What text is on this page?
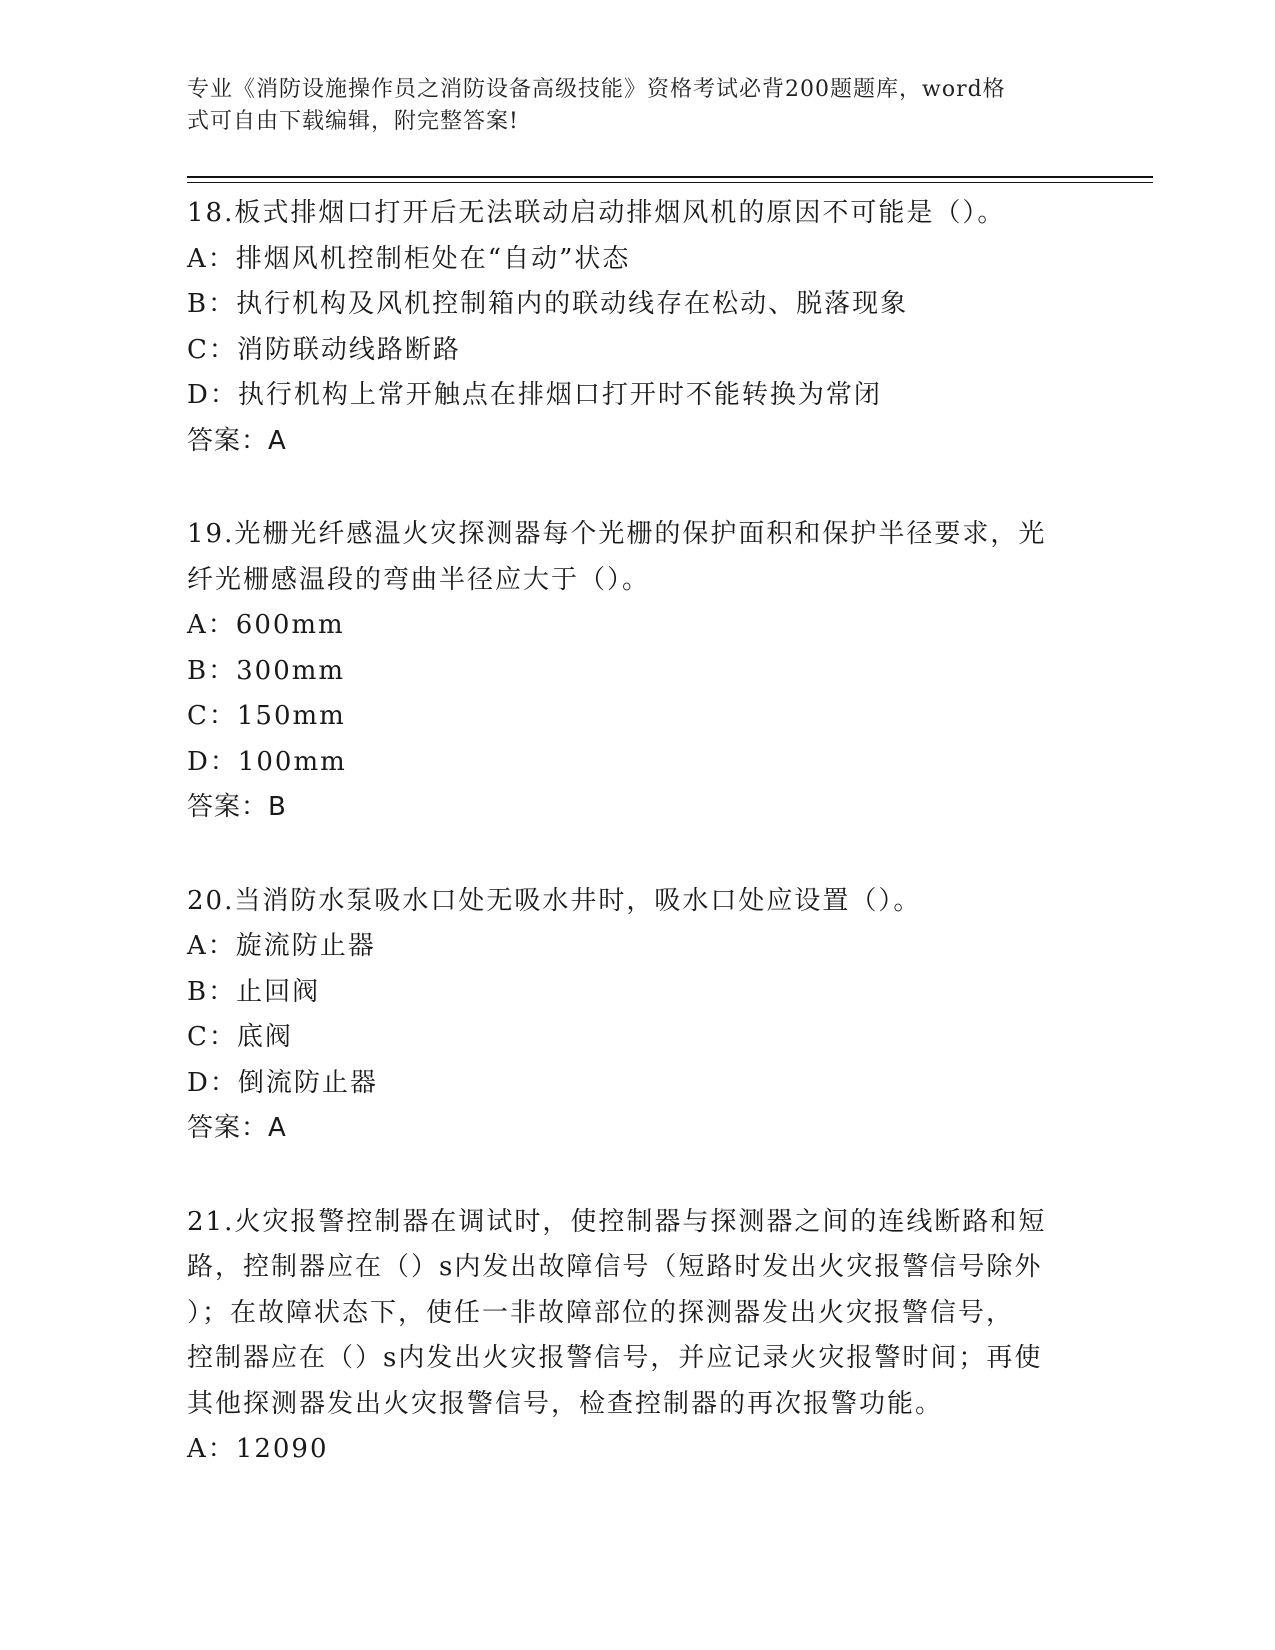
专业《消防设施操作员之消防设备高级技能》资格考试必背200题题库，word格
式可自由下载编辑，附完整答案!
18.板式排烟口打开后无法联动启动排烟风机的原因不可能是（）。
A：排烟风机控制柜处在“自动”状态
B：执行机构及风机控制箱内的联动线存在松动、脱落现象
C：消防联动线路断路
D：执行机构上常开触点在排烟口打开时不能转换为常闭
答案：A
19.光栅光纤感温火灾探测器每个光栅的保护面积和保护半径要求，光
纤光栅感温段的弯曲半径应大于（）。
A：600mm
B：300mm
C：150mm
D：100mm
答案：B
20.当消防水泵吸水口处无吸水井时，吸水口处应设置（）。
A：旋流防止器
B：止回阀
C：底阀
D：倒流防止器
答案：A
21.火灾报警控制器在调试时，使控制器与探测器之间的连线断路和短
路，控制器应在（）s内发出故障信号（短路时发出火灾报警信号除外
）；在故障状态下，使任一非故障部位的探测器发出火灾报警信号，
控制器应在（）s内发出火灾报警信号，并应记录火灾报警时间；再使
其他探测器发出火灾报警信号，检查控制器的再次报警功能。
A：12090
